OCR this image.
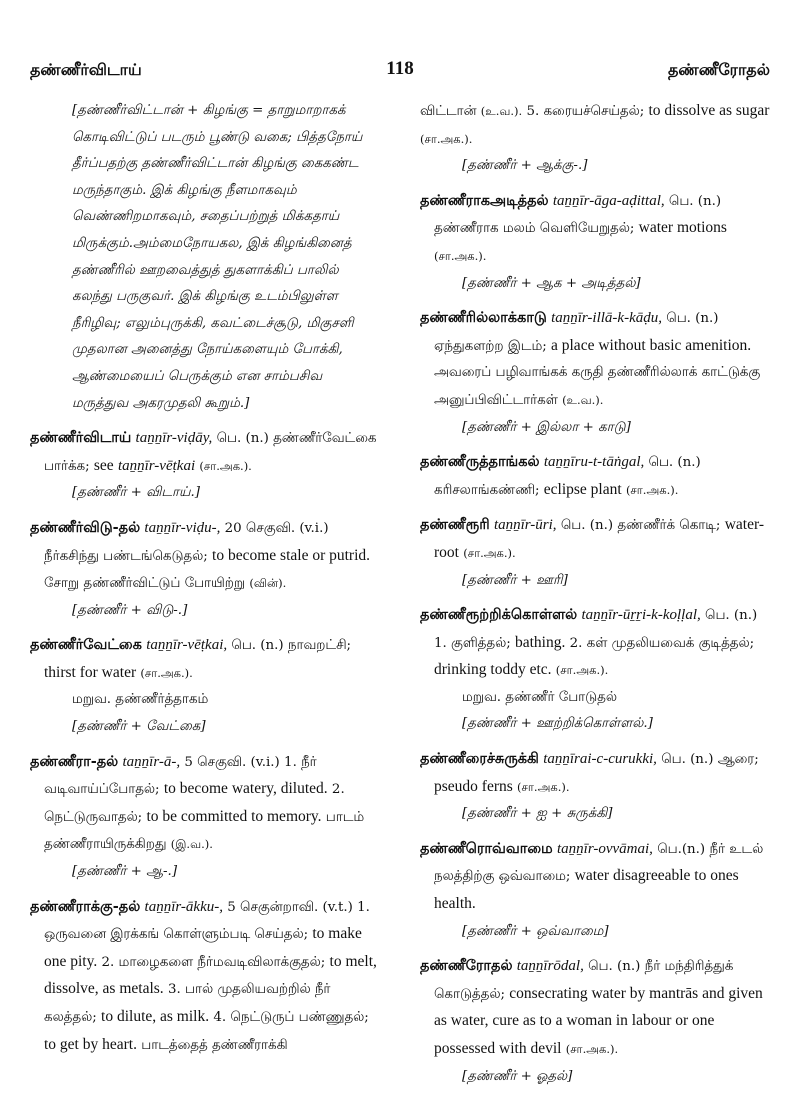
தண்ணீர்விடாய்	118	தண்ணீரோதல்

[தண்ணீர்விட்டான் + கிழங்கு = தாறுமாறாகக் கொடிவிட்டுப் படரும் பூண்டு வகை; பித்தநோய் தீர்ப்பதற்கு தண்ணீர்விட்டான் கிழங்கு கைகண்ட மருந்தாகும். இக் கிழங்கு நீளமாகவும் வெண்ணிறமாகவும், சதைப்பற்றுத் மிக்கதாய் மிருக்கும்.அம்மைநோயகல, இக் கிழங்கினைத் தண்ணீரில் ஊறவைத்துத் துகளாக்கிப் பாலில் கலந்து பருகுவர். இக் கிழங்கு உடம்பிலுள்ள நீரிழிவு; எலும்புருக்கி, கவட்டைச்சூடு, மிகுசளி முதலான அனைத்து நோய்களையும் போக்கி, ஆண்மையைப் பெருக்கும் என சாம்பசிவ மருத்துவ அகரமுதலி கூறும்.]

தண்ணீர்விடாய் taṉṉīr-viḍāy, பெ. (n.) தண்ணீர்வேட்கை பார்க்க; see taṉṉīr-vēṭkai (சா.அக.).

[தண்ணீர் + விடாய்.]

தண்ணீர்விடு-தல் taṉṉīr-viḍu-, 20 செகுவி. (v.i.) நீர்கசிந்து பண்டங்கெடுதல்; to become stale or putrid. சோறு தண்ணீர்விட்டுப் போயிற்று (வின்).

[தண்ணீர் + விடு-.]

தண்ணீர்வேட்கை taṉṉīr-vēṭkai, பெ. (n.) நாவறட்சி; thirst for water (சா.அக.).

மறுவ. தண்ணீர்த்தாகம்

[தண்ணீர் + வேட்கை]

தண்ணீரா-தல் taṉṉīr-ā-, 5 செகுவி. (v.i.) 1. நீர் வடிவாய்ப்போதல்; to become watery, diluted. 2. நெட்டுருவாதல்; to be committed to memory. பாடம் தண்ணீராயிருக்கிறது (இ.வ.).

[தண்ணீர் + ஆ-.]

தண்ணீராக்கு-தல் taṉṉīr-ākku-, 5 செகுன்றாவி. (v.t.) 1. ஒருவனை இரக்கங் கொள்ளும்படி செய்தல்; to make one pity. 2. மாழைகளை நீர்மவடிவிலாக்குதல்; to melt, dissolve, as metals. 3. பால் முதலியவற்றில் நீர் கலத்தல்; to dilute, as milk. 4. நெட்டுருப் பண்ணுதல்; to get by heart. பாடத்தைத் தண்ணீராக்கி

விட்டான் (உ.வ.). 5. கரையச்செய்தல்; to dissolve as sugar (சா.அக.).

[தண்ணீர் + ஆக்கு-.]

தண்ணீராகஅடித்தல் taṉṉīr-āga-aḍittal, பெ. (n.) தண்ணீராக மலம் வெளியேறுதல்; water motions (சா.அக.).

[தண்ணீர் + ஆக + அடித்தல்]

தண்ணீரில்லாக்காடு taṉṉīr-illā-k-kāḍu, பெ. (n.) ஏந்துகளற்ற இடம்; a place without basic amenition. அவரைப் பழிவாங்கக் கருதி தண்ணீரில்லாக் காட்டுக்கு அனுப்பிவிட்டார்கள் (உ.வ.).

[தண்ணீர் + இல்லா + காடு]

தண்ணீருத்தாங்கல் taṉṉīru-t-tāṅgal, பெ. (n.) கரிசலாங்கண்ணி; eclipse plant (சா.அக.).

தண்ணீரூரி taṉṉīr-ūri, பெ. (n.) தண்ணீர்க் கொடி; water-root (சா.அக.).

[தண்ணீர் + ஊரி]

தண்ணீரூற்றிக்கொள்ளல் taṉṉīr-ūṟṟi-k-koḷḷal, பெ. (n.) 1. குளித்தல்; bathing. 2. கள் முதலியவைக் குடித்தல்; drinking toddy etc. (சா.அக.).

மறுவ. தண்ணீர் போடுதல்

[தண்ணீர் + ஊற்றிக்கொள்ளல்.]

தண்ணீரைச்சுருக்கி taṉṉīrai-c-curukki, பெ. (n.) ஆரை; pseudo ferns (சா.அக.).

[தண்ணீர் + ஐ + சுருக்கி]

தண்ணீரொவ்வாமை taṉṉīr-ovvāmai, பெ.(n.) நீர் உடல் நலத்திற்கு ஒவ்வாமை; water disagreeable to ones health.

[தண்ணீர் + ஒவ்வாமை]

தண்ணீரோதல் taṉṉīrōdal, பெ. (n.) நீர் மந்திரித்துக் கொடுத்தல்; consecrating water by mantrās and given as water, cure as to a woman in labour or one possessed with devil (சா.அக.).

[தண்ணீர் + ஓதல்]
